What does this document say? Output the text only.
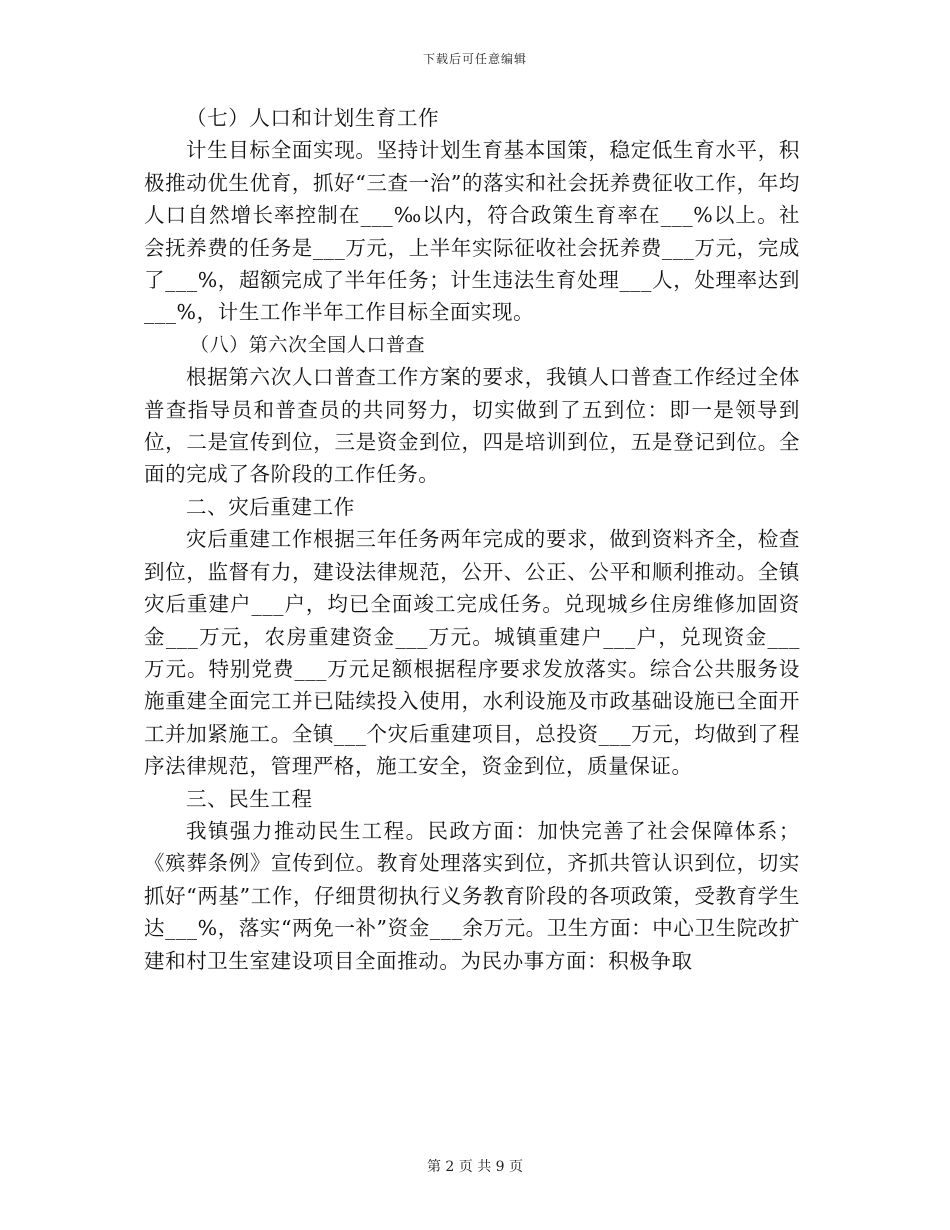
下载后可任意编辑

（七）人口和计划生育工作

计生目标全面实现。坚持计划生育基本国策，稳定低生育水平，积极推动优生优育，抓好“三查一治”的落实和社会抚养费征收工作，年均人口自然增长率控制在___‰以内，符合政策生育率在___%以上。社会抚养费的任务是___万元，上半年实际征收社会抚养费___万元，完成了___%，超额完成了半年任务；计生违法生育处理___人，处理率达到___%，计生工作半年工作目标全面实现。

（八）第六次全国人口普查

根据第六次人口普查工作方案的要求，我镇人口普查工作经过全体普查指导员和普查员的共同努力，切实做到了五到位：即一是领导到位，二是宣传到位，三是资金到位，四是培训到位，五是登记到位。全面的完成了各阶段的工作任务。

二、灾后重建工作

灾后重建工作根据三年任务两年完成的要求，做到资料齐全，检查到位，监督有力，建设法律规范，公开、公正、公平和顺利推动。全镇灾后重建户___户，均已全面竣工完成任务。兑现城乡住房维修加固资金___万元，农房重建资金___万元。城镇重建户___户，兑现资金___万元。特别党费___万元足额根据程序要求发放落实。综合公共服务设施重建全面完工并已陆续投入使用，水利设施及市政基础设施已全面开工并加紧施工。全镇___个灾后重建项目，总投资___万元，均做到了程序法律规范，管理严格，施工安全，资金到位，质量保证。

三、民生工程

我镇强力推动民生工程。民政方面：加快完善了社会保障体系；《殡葬条例》宣传到位。教育处理落实到位，齐抓共管认识到位，切实抓好“两基”工作，仔细贯彻执行义务教育阶段的各项政策，受教育学生达___%，落实“两免一补”资金___余万元。卫生方面：中心卫生院改扩建和村卫生室建设项目全面推动。为民办事方面：积极争取

第 2 页 共 9 页
